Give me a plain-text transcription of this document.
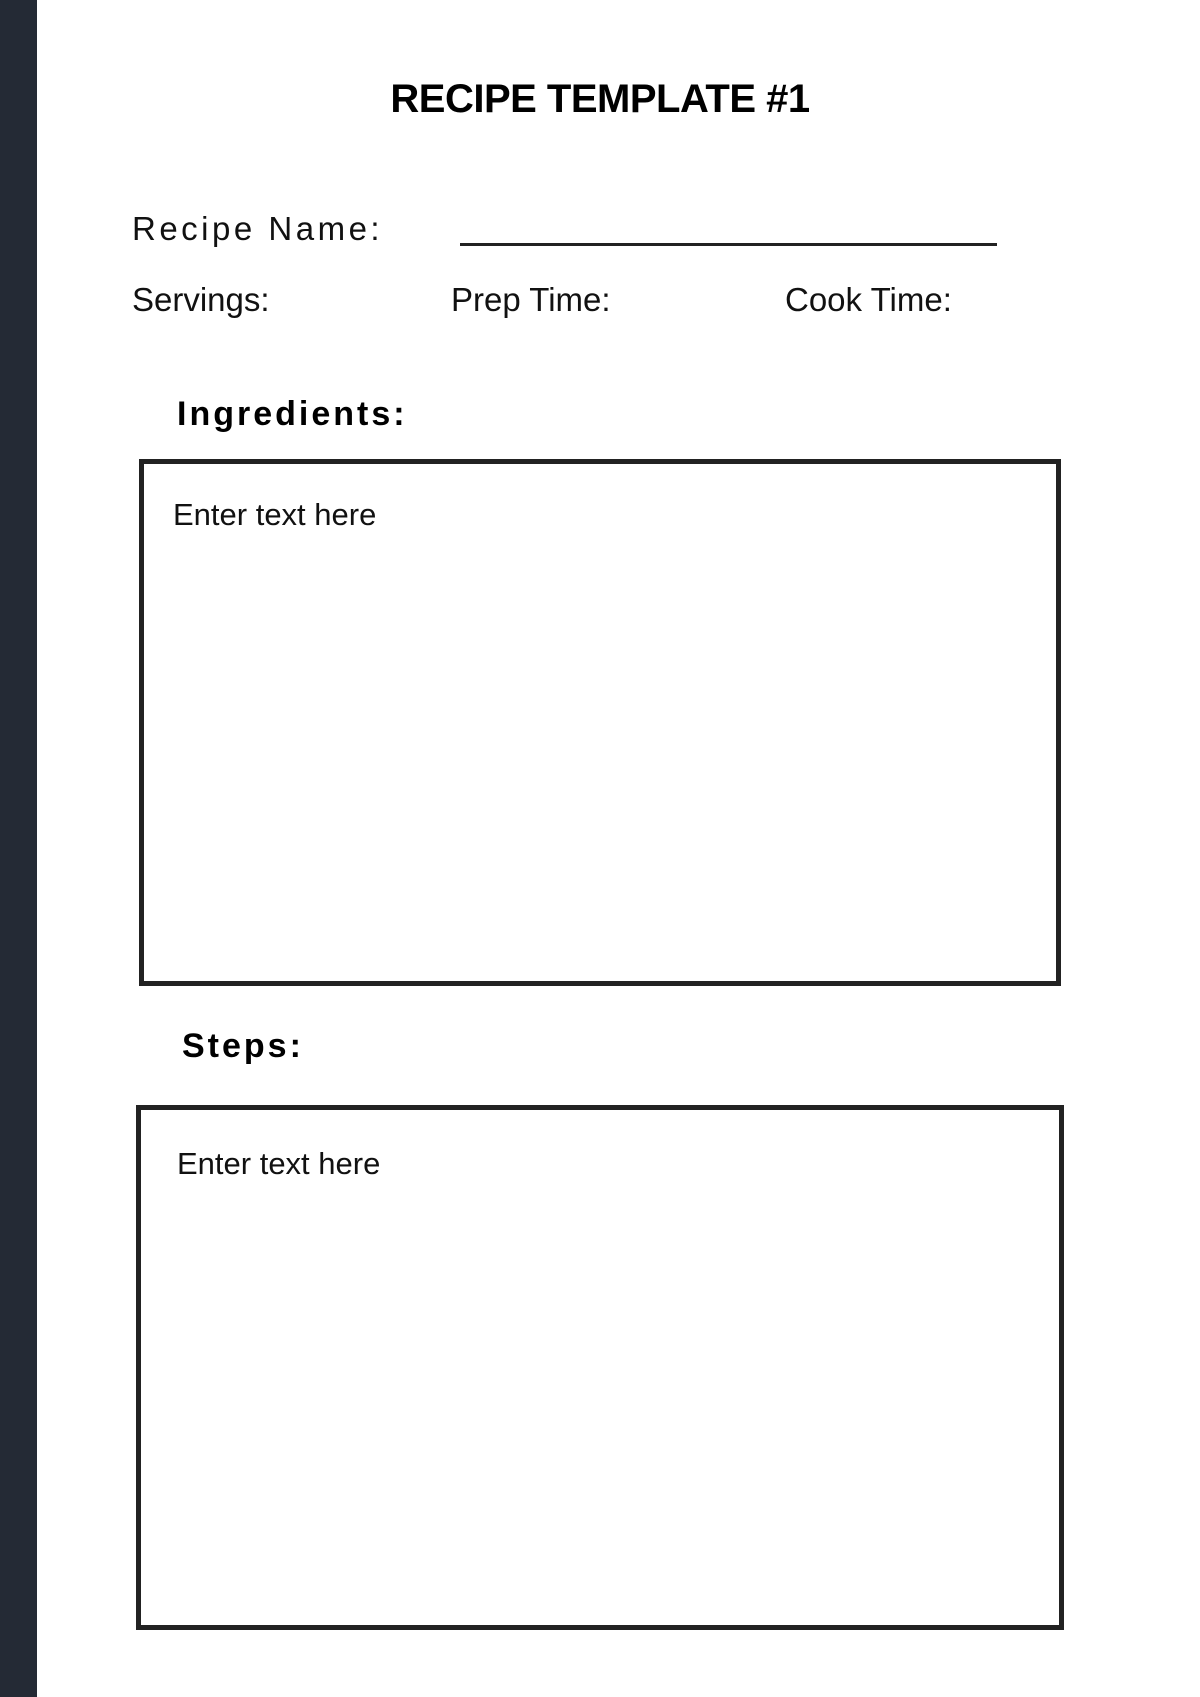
RECIPE TEMPLATE #1
Recipe Name:
Servings:	Prep Time:	Cook Time:
Ingredients:
Enter text here
Steps:
Enter text here
